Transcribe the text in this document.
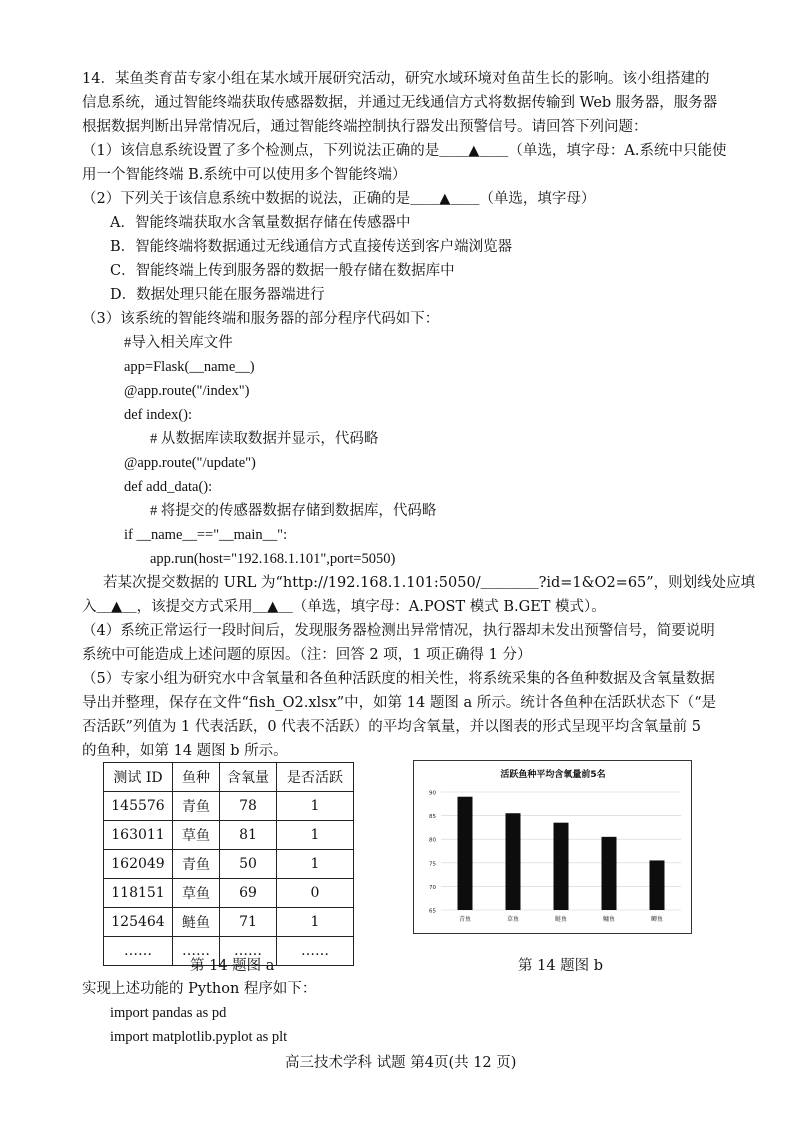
14．某鱼类育苗专家小组在某水域开展研究活动，研究水域环境对鱼苗生长的影响。该小组搭建的
信息系统，通过智能终端获取传感器数据，并通过无线通信方式将数据传输到 Web 服务器，服务器
根据数据判断出异常情况后，通过智能终端控制执行器发出预警信号。请回答下列问题：
（1）该信息系统设置了多个检测点，下列说法正确的是＿＿▲＿＿（单选，填字母：A.系统中只能使
用一个智能终端 B.系统中可以使用多个智能终端）
（2）下列关于该信息系统中数据的说法，正确的是＿＿▲＿＿（单选，填字母）
A．智能终端获取水含氧量数据存储在传感器中
B．智能终端将数据通过无线通信方式直接传送到客户端浏览器
C．智能终端上传到服务器的数据一般存储在数据库中
D．数据处理只能在服务器端进行
（3）该系统的智能终端和服务器的部分程序代码如下：
#导入相关库文件
app=Flask(__name__)
@app.route("/index")
def index():
# 从数据库读取数据并显示，代码略
@app.route("/update")
def add_data():
# 将提交的传感器数据存储到数据库，代码略
if __name__=="__main__":
app.run(host="192.168.1.101",port=5050)
若某次提交数据的 URL 为“http://192.168.1.101:5050/＿＿＿＿?id=1&O2=65”，则划线处应填
入＿▲＿，该提交方式采用＿▲＿（单选，填字母：A.POST 模式 B.GET 模式）。
（4）系统正常运行一段时间后，发现服务器检测出异常情况，执行器却未发出预警信号，简要说明
系统中可能造成上述问题的原因。（注：回答 2 项，1 项正确得 1 分）
（5）专家小组为研究水中含氧量和各鱼种活跃度的相关性，将系统采集的各鱼种数据及含氧量数据
导出并整理，保存在文件“fish_O2.xlsx”中，如第 14 题图 a 所示。统计各鱼种在活跃状态下（“是
否活跃”列值为 1 代表活跃，0 代表不活跃）的平均含氧量，并以图表的形式呈现平均含氧量前 5
的鱼种，如第 14 题图 b 所示。
测试 ID	鱼种	含氧量	是否活跃
145576	青鱼	78	1
163011	草鱼	81	1
162049	青鱼	50	1
118151	草鱼	69	0
125464	鲢鱼	71	1
……	……	……	……
活跃鱼种平均含氧量前5名
65
70
75
80
85
90
青鱼	草鱼	鲢鱼	鳙鱼	鲫鱼
第 14 题图 a	第 14 题图 b
实现上述功能的 Python 程序如下：
import pandas as pd
import matplotlib.pyplot as plt
高三技术学科 试题 第4页(共 12 页)
